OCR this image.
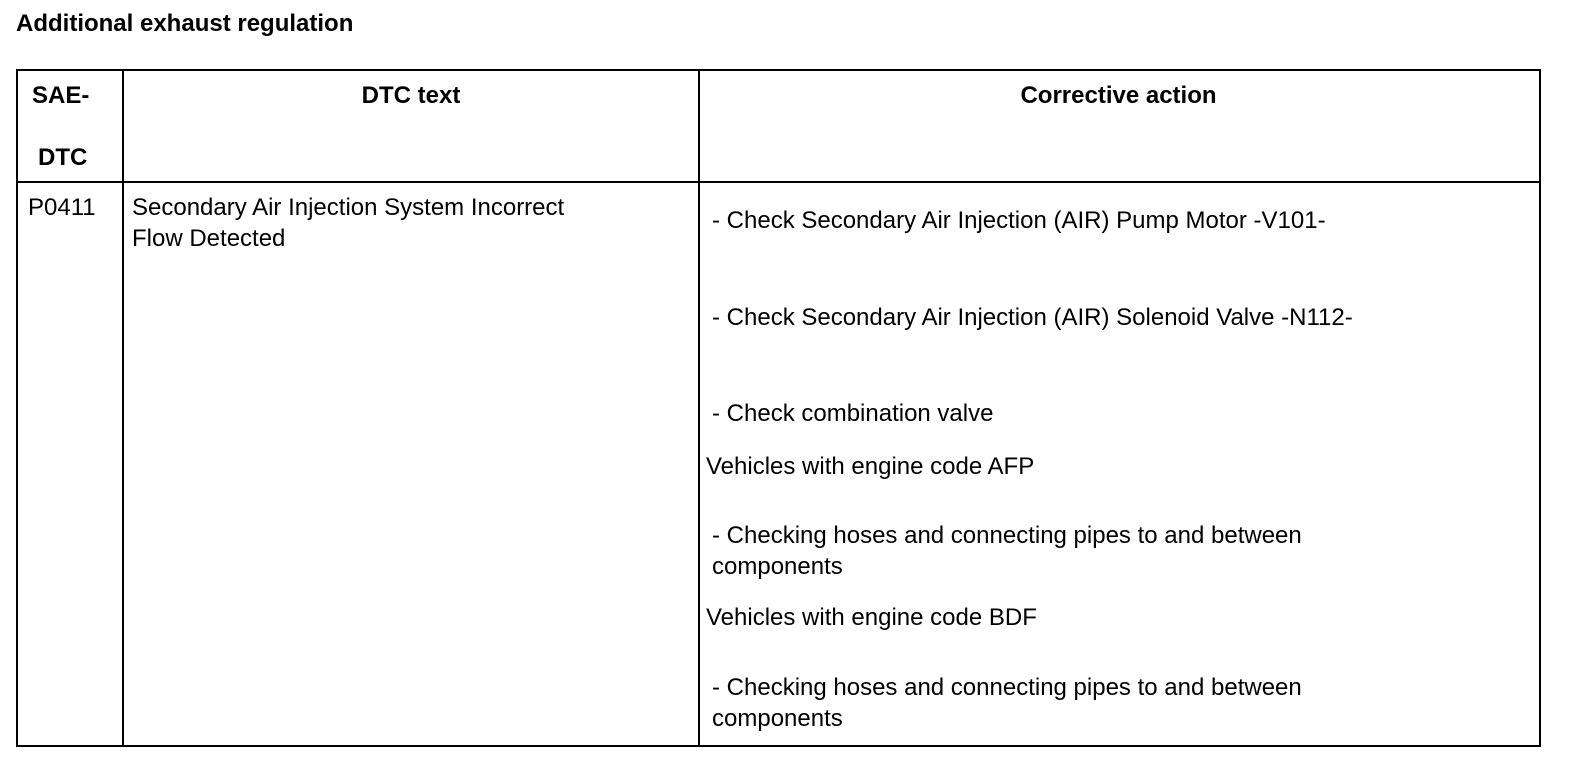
Additional exhaust regulation
SAE-
DTC
DTC text	Corrective action
P0411 Secondary Air Injection System Incorrect
Flow Detected
- Check Secondary Air Injection (AIR) Pump Motor -V101-
- Check Secondary Air Injection (AIR) Solenoid Valve -N112-
- Check combination valve
Vehicles with engine code AFP
- Checking hoses and connecting pipes to and between components
Vehicles with engine code BDF
- Checking hoses and connecting pipes to and between components
